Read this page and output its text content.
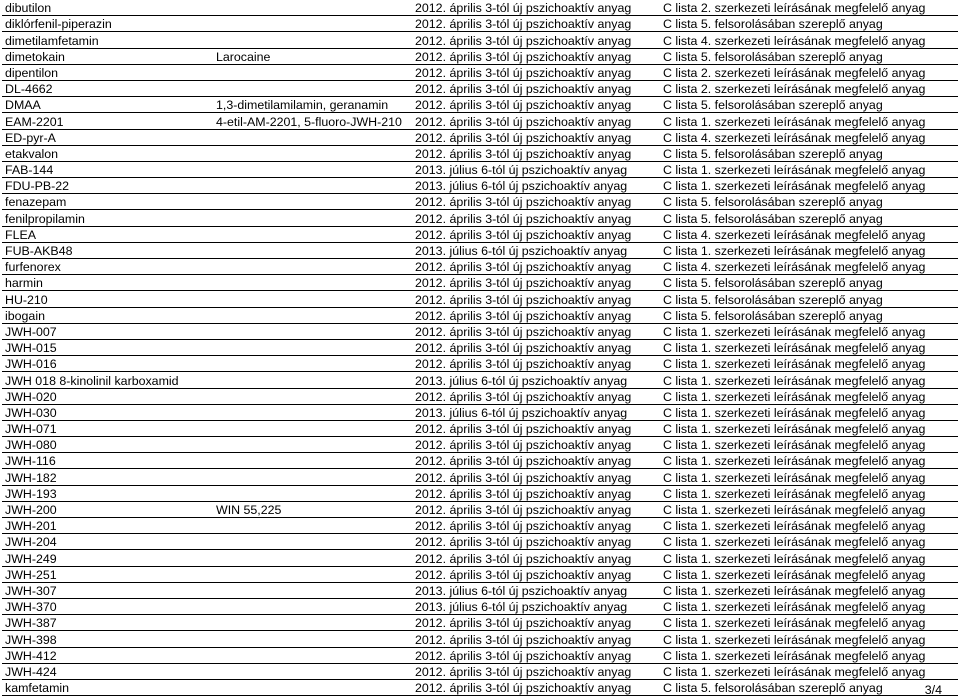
dibutilon		2012. április 3-tól új pszichoaktív anyag	C lista 2. szerkezeti leírásának megfelelő anyag
diklórfenil-piperazin		2012. április 3-tól új pszichoaktív anyag	C lista 5. felsorolásában szereplő anyag
dimetilamfetamin		2012. április 3-tól új pszichoaktív anyag	C lista 4. szerkezeti leírásának megfelelő anyag
dimetokain	Larocaine	2012. április 3-tól új pszichoaktív anyag	C lista 5. felsorolásában szereplő anyag
dipentilon		2012. április 3-tól új pszichoaktív anyag	C lista 2. szerkezeti leírásának megfelelő anyag
DL-4662		2012. április 3-tól új pszichoaktív anyag	C lista 2. szerkezeti leírásának megfelelő anyag
DMAA	1,3-dimetilamilamin, geranamin	2012. április 3-tól új pszichoaktív anyag	C lista 5. felsorolásában szereplő anyag
EAM-2201	4-etil-AM-2201, 5-fluoro-JWH-210	2012. április 3-tól új pszichoaktív anyag	C lista 1. szerkezeti leírásának megfelelő anyag
ED-pyr-A		2012. április 3-tól új pszichoaktív anyag	C lista 4. szerkezeti leírásának megfelelő anyag
etakvalon		2012. április 3-tól új pszichoaktív anyag	C lista 5. felsorolásában szereplő anyag
FAB-144		2013. július 6-tól új pszichoaktív anyag	C lista 1. szerkezeti leírásának megfelelő anyag
FDU-PB-22		2013. július 6-tól új pszichoaktív anyag	C lista 1. szerkezeti leírásának megfelelő anyag
fenazepam		2012. április 3-tól új pszichoaktív anyag	C lista 5. felsorolásában szereplő anyag
fenilpropilamin		2012. április 3-tól új pszichoaktív anyag	C lista 5. felsorolásában szereplő anyag
FLEA		2012. április 3-tól új pszichoaktív anyag	C lista 4. szerkezeti leírásának megfelelő anyag
FUB-AKB48		2013. július 6-tól új pszichoaktív anyag	C lista 1. szerkezeti leírásának megfelelő anyag
furfenorex		2012. április 3-tól új pszichoaktív anyag	C lista 4. szerkezeti leírásának megfelelő anyag
harmin		2012. április 3-tól új pszichoaktív anyag	C lista 5. felsorolásában szereplő anyag
HU-210		2012. április 3-tól új pszichoaktív anyag	C lista 5. felsorolásában szereplő anyag
ibogain		2012. április 3-tól új pszichoaktív anyag	C lista 5. felsorolásában szereplő anyag
JWH-007		2012. április 3-tól új pszichoaktív anyag	C lista 1. szerkezeti leírásának megfelelő anyag
JWH-015		2012. április 3-tól új pszichoaktív anyag	C lista 1. szerkezeti leírásának megfelelő anyag
JWH-016		2012. április 3-tól új pszichoaktív anyag	C lista 1. szerkezeti leírásának megfelelő anyag
JWH 018 8-kinolinil karboxamid		2013. július 6-tól új pszichoaktív anyag	C lista 1. szerkezeti leírásának megfelelő anyag
JWH-020		2012. április 3-tól új pszichoaktív anyag	C lista 1. szerkezeti leírásának megfelelő anyag
JWH-030		2013. július 6-tól új pszichoaktív anyag	C lista 1. szerkezeti leírásának megfelelő anyag
JWH-071		2012. április 3-tól új pszichoaktív anyag	C lista 1. szerkezeti leírásának megfelelő anyag
JWH-080		2012. április 3-tól új pszichoaktív anyag	C lista 1. szerkezeti leírásának megfelelő anyag
JWH-116		2012. április 3-tól új pszichoaktív anyag	C lista 1. szerkezeti leírásának megfelelő anyag
JWH-182		2012. április 3-tól új pszichoaktív anyag	C lista 1. szerkezeti leírásának megfelelő anyag
JWH-193		2012. április 3-tól új pszichoaktív anyag	C lista 1. szerkezeti leírásának megfelelő anyag
JWH-200	WIN 55,225	2012. április 3-tól új pszichoaktív anyag	C lista 1. szerkezeti leírásának megfelelő anyag
JWH-201		2012. április 3-tól új pszichoaktív anyag	C lista 1. szerkezeti leírásának megfelelő anyag
JWH-204		2012. április 3-tól új pszichoaktív anyag	C lista 1. szerkezeti leírásának megfelelő anyag
JWH-249		2012. április 3-tól új pszichoaktív anyag	C lista 1. szerkezeti leírásának megfelelő anyag
JWH-251		2012. április 3-tól új pszichoaktív anyag	C lista 1. szerkezeti leírásának megfelelő anyag
JWH-307		2013. július 6-tól új pszichoaktív anyag	C lista 1. szerkezeti leírásának megfelelő anyag
JWH-370		2013. július 6-tól új pszichoaktív anyag	C lista 1. szerkezeti leírásának megfelelő anyag
JWH-387		2012. április 3-tól új pszichoaktív anyag	C lista 1. szerkezeti leírásának megfelelő anyag
JWH-398		2012. április 3-tól új pszichoaktív anyag	C lista 1. szerkezeti leírásának megfelelő anyag
JWH-412		2012. április 3-tól új pszichoaktív anyag	C lista 1. szerkezeti leírásának megfelelő anyag
JWH-424		2012. április 3-tól új pszichoaktív anyag	C lista 1. szerkezeti leírásának megfelelő anyag
kamfetamin		2012. április 3-tól új pszichoaktív anyag	C lista 5. felsorolásában szereplő anyag	3/4
